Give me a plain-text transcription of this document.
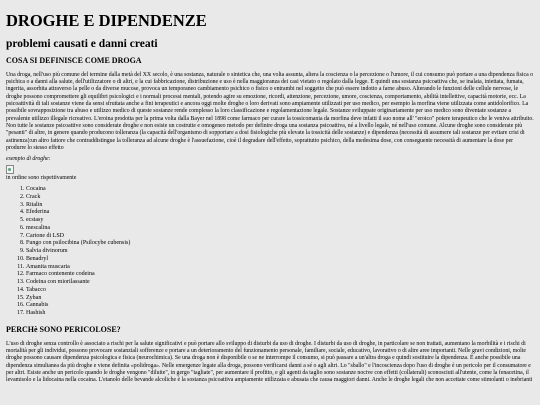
DROGHE E DIPENDENZE
problemi causati e danni creati
COSA SI DEFINISCE COME DROGA

Una droga, nell'uso più comune del termine dalla metà del XX secolo, è una sostanza, naturale o sintetica che, una volta assunta, altera la coscienza o la percezione o l'umore, il cui consumo può portare a una dipendenza fisica o psichica o a danni alla salute, dell'utilizzatore o di altri, e la cui fabbricazione, distribuzione e uso è nella maggioranza dei casi vietato o regolato dalla legge. E quindi una sostanza psicoattiva che, se inalata, iniettata, fumata, ingerita, assorbita attraverso la pelle o da diverse mucose, provoca un temporaneo cambiamento psichico o fisico o entrambi nel soggetto che può essere indotto a farne abuso. Alterando le funzioni delle cellule nervose, le droghe possono compromettere gli equilibri psicologici e i normali processi mentali, potendo agire su emozione, ricordi, attenzione, percezione, umore, coscienza, comportamento, abilità intellettive, capacità motorie, ecc. La psicoattività di tali sostanze viene da sensi sfruttata anche a fini terapeutici e ancora oggi molte droghe o loro derivati sono ampiamente utilizzati per uso medico, per esempio la morfina viene utilizzata come antidolorifico. La possibile sovrapposizione tra abuso e utilizzo medico di queste sostanze rende complesso la loro classificazione e regolamentazione legale. Sostanze sviluppate originariamente per uso medico sono diventate sostanze a prevalente utilizzo illegale ricreativo. L'eroina prodotta per la prima volta dalla Bayer nel 1898 come farmaco per curare la tossicomania da morfina deve infatti il suo nome all' "eroico" potere terapeutico che le veniva attribuito. Non tutte le sostanze psicoattive sono considerate droghe e non esiste un costrutte e omogeneo metodo per definire droga una sostanza psicoattiva, né a livello legale, né nell'uso comune. Alcune droghe sono considerate più "pesanti" di altre, in genere quando producono tolleranza (la capacità dell'organismo di sopportare a dosi fisiologiche più elevate la tossicità delle sostanze) e dipendenza (necessità di assumere tali sostanze per evitare crisi di astinenza):un altro fattore che contraddistingue la tolleranza ad alcune droghe è l'assuefazione, cioè il degradare dell'effetto, soprattutto psichico, della medesima dose, con conseguente necessità di aumentare la dose per produrre lo stesso effetto

esempio di droghe:
in ordine sono rispettivamente
1. Cocaina
2. Crack
3. Ritalin
4. Efederina
5. ecstasy
6. mescalina
7. Cartone di LSD
8. Fungo con psilocibina (Psilocybe cubensis)
9. Salvia divinorum
10. Benadryl
11. Amanita muscaria
12. Farmaco contenente codeina
13. Codeina con miorilassante
14. Tabacco
15. Zyban
16. Cannabis
17. Hashish
PERCHè SONO PERICOLOSE?

L'uso di droghe senza controllo è associato a rischi per la salute significativi e può portare allo sviluppo di disturbi da uso di droghe. I disturbi da uso di droghe, in particolare se non trattati, aumentano la morbilità e i rischi di mortalità per gli individui, possono provocare sostanziali sofferenze e portare a un deterioramento del funzionamento personale, familiare, sociale, educativo, lavorativo o di altre aree importanti. Nelle gravi condizioni, molte droghe possono causare dipendenza psicologica e fisica (neurochimica). Se una droga non è disponibile o se ne interrompe il consumo, si può passare a un'altra droga e quindi sostituire la dipendenza. È anche possibile una dipendenza simultanea da più droghe e viene definita «polidroga». Nelle emergenze legate alla droga, possono verificarsi danni a sé o agli altri. Lo "sballo" e l'incoscienza dopo l'uso di droghe è un pericolo per il consumatore e per altri. Esiste anche un pericolo quando le droghe vengono "diluite", in gergo "tagliate", per aumentare il profitto, e gli agenti da taglio sono sostanze nocive con effetti (collaterali) sconosciuti all'utente, come la fenacetina, il levamisolo e la lidocaina nella cocaina. L'etanolo delle bevande alcoliche è la sostanza psicoattiva ampiamente utilizzata e abusata che causa maggiori danni. Anche le droghe legali che non accettate come stimolanti o inebrianti
